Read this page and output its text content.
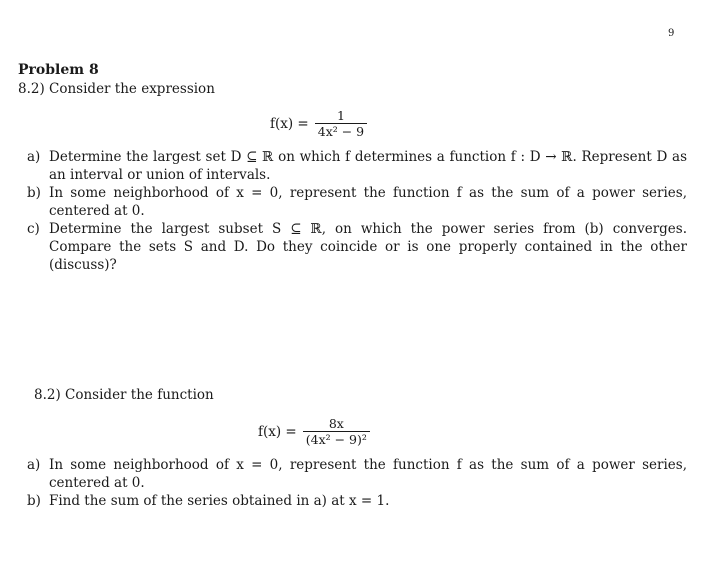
9
Problem 8
8.2) Consider the expression
$f(x) = \frac{1}{\text{4x² − 9}}$
a) Determine the largest set D ⊆ ℝ on which f determines a function f : D → ℝ. Represent D as an interval or union of intervals.
b) In some neighborhood of x = 0, represent the function f as the sum of a power series, centered at 0.
c) Determine the largest subset S ⊆ ℝ, on which the power series from (b) converges. Compare the sets S and D. Do they coincide or is one properly contained in the other (discuss)?
8.2) Consider the function
$f(x) = \frac{8x}{\text{(4x² − 9)²}}$
a) In some neighborhood of x = 0, represent the function f as the sum of a power series, centered at 0.
b) Find the sum of the series obtained in a) at x = 1.
